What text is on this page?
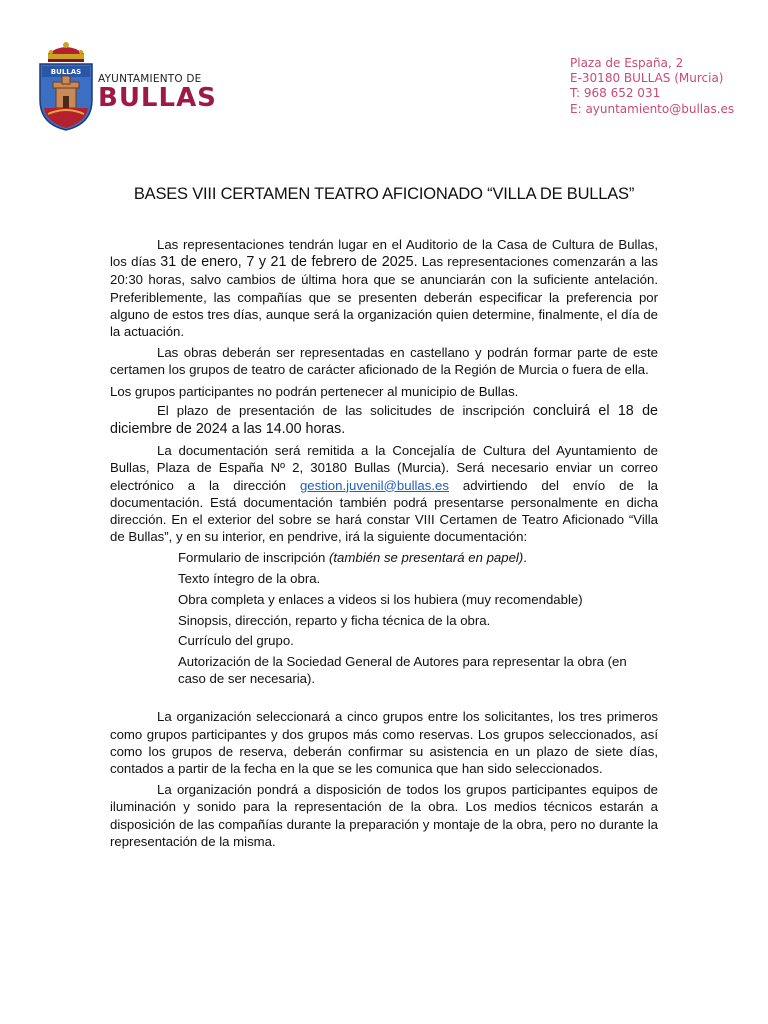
BULLAS
AYUNTAMIENTO DE
BULLAS
Plaza de España, 2
E-30180 BULLAS (Murcia)
T: 968 652 031
E: ayuntamiento@bullas.es
BASES VIII CERTAMEN TEATRO AFICIONADO “VILLA DE BULLAS”

Las representaciones tendrán lugar en el Auditorio de la Casa de Cultura de Bullas, los días 31 de enero, 7 y 21 de febrero de 2025. Las representaciones comenzarán a las 20:30 horas, salvo cambios de última hora que se anunciarán con la suficiente antelación. Preferiblemente, las compañías que se presenten deberán especificar la preferencia por alguno de estos tres días, aunque será la organización quien determine, finalmente, el día de la actuación.

Las obras deberán ser representadas en castellano y podrán formar parte de este certamen los grupos de teatro de carácter aficionado de la Región de Murcia o fuera de ella.

Los grupos participantes no podrán pertenecer al municipio de Bullas.

El plazo de presentación de las solicitudes de inscripción concluirá el 18 de diciembre de 2024 a las 14.00 horas.

La documentación será remitida a la Concejalía de Cultura del Ayuntamiento de Bullas, Plaza de España Nº 2, 30180 Bullas (Murcia). Será necesario enviar un correo electrónico a la dirección gestion.juvenil@bullas.es advirtiendo del envío de la documentación. Está documentación también podrá presentarse personalmente en dicha dirección. En el exterior del sobre se hará constar VIII Certamen de Teatro Aficionado “Villa de Bullas”, y en su interior, en pendrive, irá la siguiente documentación:

Formulario de inscripción (también se presentará en papel).
Texto íntegro de la obra.
Obra completa y enlaces a videos si los hubiera (muy recomendable)
Sinopsis, dirección, reparto y ficha técnica de la obra.
Currículo del grupo.
Autorización de la Sociedad General de Autores para representar la obra (en caso de ser necesaria).

La organización seleccionará a cinco grupos entre los solicitantes, los tres primeros como grupos participantes y dos grupos más como reservas. Los grupos seleccionados, así como los grupos de reserva, deberán confirmar su asistencia en un plazo de siete días, contados a partir de la fecha en la que se les comunica que han sido seleccionados.

La organización pondrá a disposición de todos los grupos participantes equipos de iluminación y sonido para la representación de la obra. Los medios técnicos estarán a disposición de las compañías durante la preparación y montaje de la obra, pero no durante la representación de la misma.
